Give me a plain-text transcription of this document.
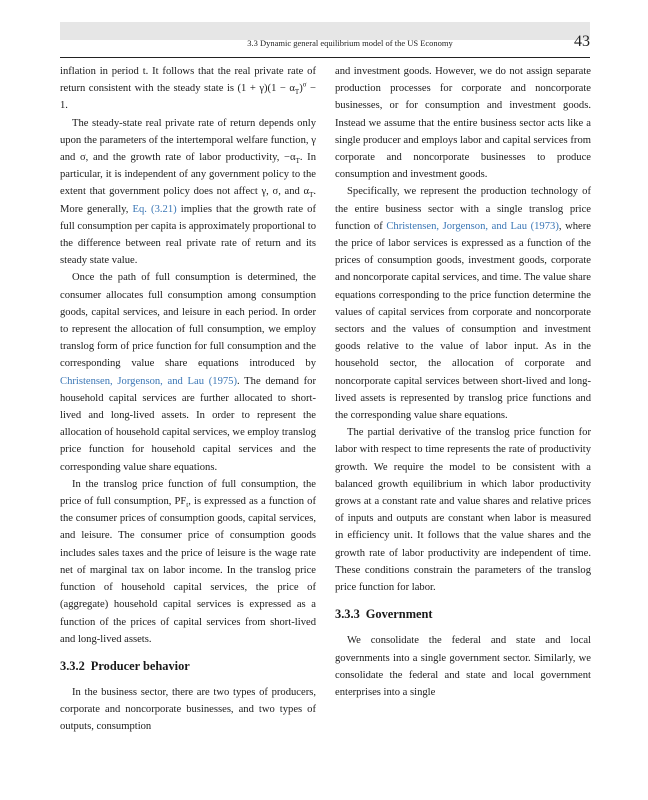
3.3 Dynamic general equilibrium model of the US Economy	43

inflation in period t. It follows that the real private rate of return consistent with the steady state is $(1 + \gamma)(1 - \alpha_T)^\sigma - 1$.

The steady-state real private rate of return depends only upon the parameters of the intertemporal welfare function, γ and σ, and the growth rate of labor productivity, $-\alpha_T$. In particular, it is independent of any government policy to the extent that government policy does not affect γ, σ, and $\alpha_T$. More generally, Eq. (3.21) implies that the growth rate of full consumption per capita is approximately proportional to the difference between real private rate of return and its steady state value.

Once the path of full consumption is determined, the consumer allocates full consumption among consumption goods, capital services, and leisure in each period. In order to represent the allocation of full consumption, we employ translog form of price function for full consumption and the corresponding value share equations introduced by Christensen, Jorgenson, and Lau (1975). The demand for household capital services are further allocated to short-lived and long-lived assets. In order to represent the allocation of household capital services, we employ translog price function for household capital services and the corresponding value share equations.

In the translog price function of full consumption, the price of full consumption, $PF_t$, is expressed as a function of the consumer prices of consumption goods, capital services, and leisure. The consumer price of consumption goods includes sales taxes and the price of leisure is the wage rate net of marginal tax on labor income. In the translog price function of household capital services, the price of (aggregate) household capital services is expressed as a function of the prices of capital services from short-lived and long-lived assets.

3.3.2 Producer behavior

In the business sector, there are two types of producers, corporate and noncorporate businesses, and two types of outputs, consumption

and investment goods. However, we do not assign separate production processes for corporate and noncorporate businesses, or for consumption and investment goods. Instead we assume that the entire business sector acts like a single producer and employs labor and capital services from corporate and noncorporate businesses to produce consumption and investment goods.

Specifically, we represent the production technology of the entire business sector with a single translog price function of Christensen, Jorgenson, and Lau (1973), where the price of labor services is expressed as a function of the prices of consumption goods, investment goods, corporate and noncorporate capital services, and time. The value share equations corresponding to the price function determine the values of capital services from corporate and noncorporate sectors and the values of consumption and investment goods relative to the value of labor input. As in the household sector, the allocation of corporate and noncorporate capital services between short-lived and long-lived assets is represented by translog price functions and the corresponding value share equations.

The partial derivative of the translog price function for labor with respect to time represents the rate of productivity growth. We require the model to be consistent with a balanced growth equilibrium in which labor productivity grows at a constant rate and value shares and relative prices of inputs and outputs are constant when labor is measured in efficiency unit. It follows that the value shares and the growth rate of labor productivity are independent of time. These conditions constrain the parameters of the translog price function for labor.

3.3.3 Government

We consolidate the federal and state and local governments into a single government sector. Similarly, we consolidate the federal and state and local government enterprises into a single
